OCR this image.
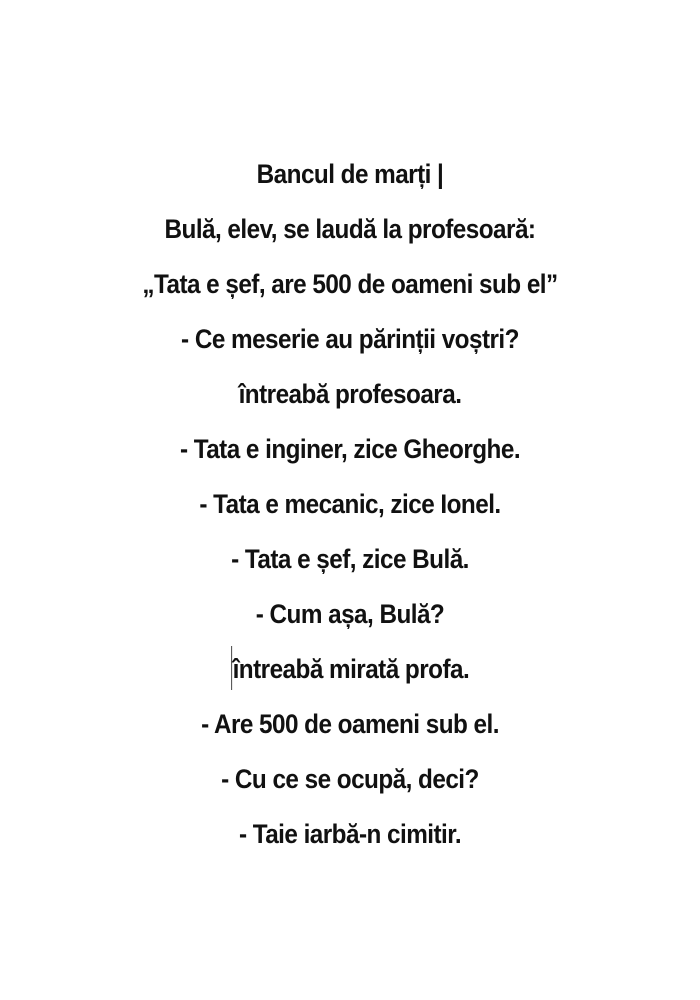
Bancul de marți |
Bulă, elev, se laudă la profesoară:
„Tata e șef, are 500 de oameni sub el”
- Ce meserie au părinții voștri?
întreabă profesoara.
- Tata e inginer, zice Gheorghe.
- Tata e mecanic, zice Ionel.
- Tata e șef, zice Bulă.
- Cum așa, Bulă?
întreabă mirată profa.
- Are 500 de oameni sub el.
- Cu ce se ocupă, deci?
- Taie iarbă-n cimitir.
